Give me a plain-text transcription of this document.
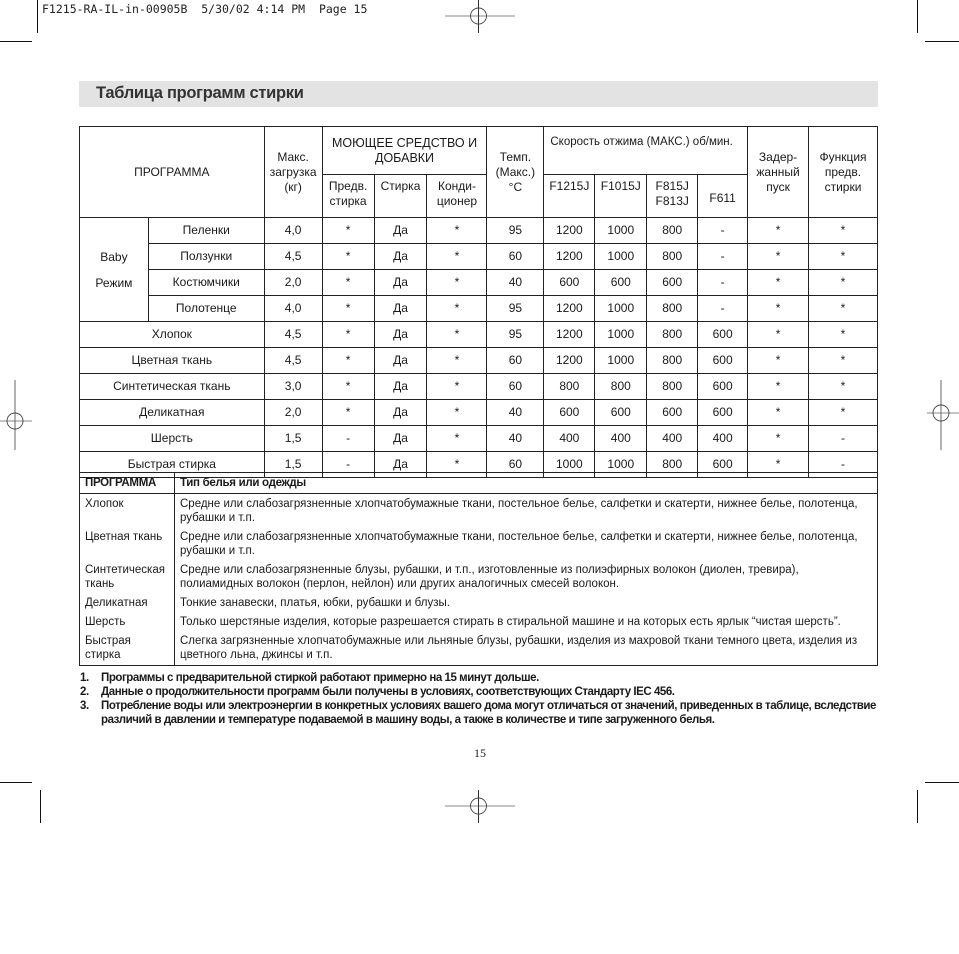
F1215-RA-IL-in-00905B  5/30/02 4:14 PM  Page 15
Таблица программ стирки
ПРОГРАММА		Макс. загрузка (кг)	МОЮЩЕЕ СРЕДСТВО И ДОБАВКИ			Темп. (Макс.) °С	Скорость отжима (МАКС.) об/мин.				Задер-жанный пуск	Функция предв. стирки
			Предв. стирка	Стирка	Конди-ционер		F1215J	F1015J	F815J F813J	F611		

Baby
Режим	Пеленки	4,0	*	Да	*	95	1200	1000	800	-	*	*
	Ползунки	4,5	*	Да	*	60	1200	1000	800	-	*	*
	Костюмчики	2,0	*	Да	*	40	600	600	600	-	*	*
	Полотенце	4,0	*	Да	*	95	1200	1000	800	-	*	*
Хлопок		4,5	*	Да	*	95	1200	1000	800	600	*	*
Цветная ткань		4,5	*	Да	*	60	1200	1000	800	600	*	*
Синтетическая ткань		3,0	*	Да	*	60	800	800	800	600	*	*
Деликатная		2,0	*	Да	*	40	600	600	600	600	*	*
Шерсть		1,5	-	Да	*	40	400	400	400	400	*	-
Быстрая стирка		1,5	-	Да	*	60	1000	1000	800	600	*	-
ПРОГРАММА	Тип белья или одежды
Хлопок	Средне или слабозагрязненные хлопчатобумажные ткани, постельное белье, салфетки и скатерти, нижнее белье, полотенца, рубашки и т.п.
Цветная ткань	Средне или слабозагрязненные хлопчатобумажные ткани, постельное белье, салфетки и скатерти, нижнее белье, полотенца, рубашки и т.п.
Синтетическая ткань	Средне или слабозагрязненные блузы, рубашки, и т.п., изготовленные из полиэфирных волокон (диолен, тревира), полиамидных волокон (перлон, нейлон) или других аналогичных смесей волокон.
Деликатная	Тонкие занавески, платья, юбки, рубашки и блузы.
Шерсть	Только шерстяные изделия, которые разрешается стирать в стиральной машине и на которых есть ярлык “чистая шерсть”.
Быстрая стирка	Слегка загрязненные хлопчатобумажные или льняные блузы, рубашки, изделия из махровой ткани темного цвета, изделия из цветного льна, джинсы и т.п.
1. Программы с предварительной стиркой работают примерно на 15 минут дольше.
2. Данные о продолжительности программ были получены в условиях, соответствующих Стандарту IEC 456.
3. Потребление воды или электроэнергии в конкретных условиях вашего дома могут отличаться от значений, приведенных в таблице, вследствие различий в давлении и температуре подаваемой в машину воды, а также в количестве и типе загруженного белья.
15
